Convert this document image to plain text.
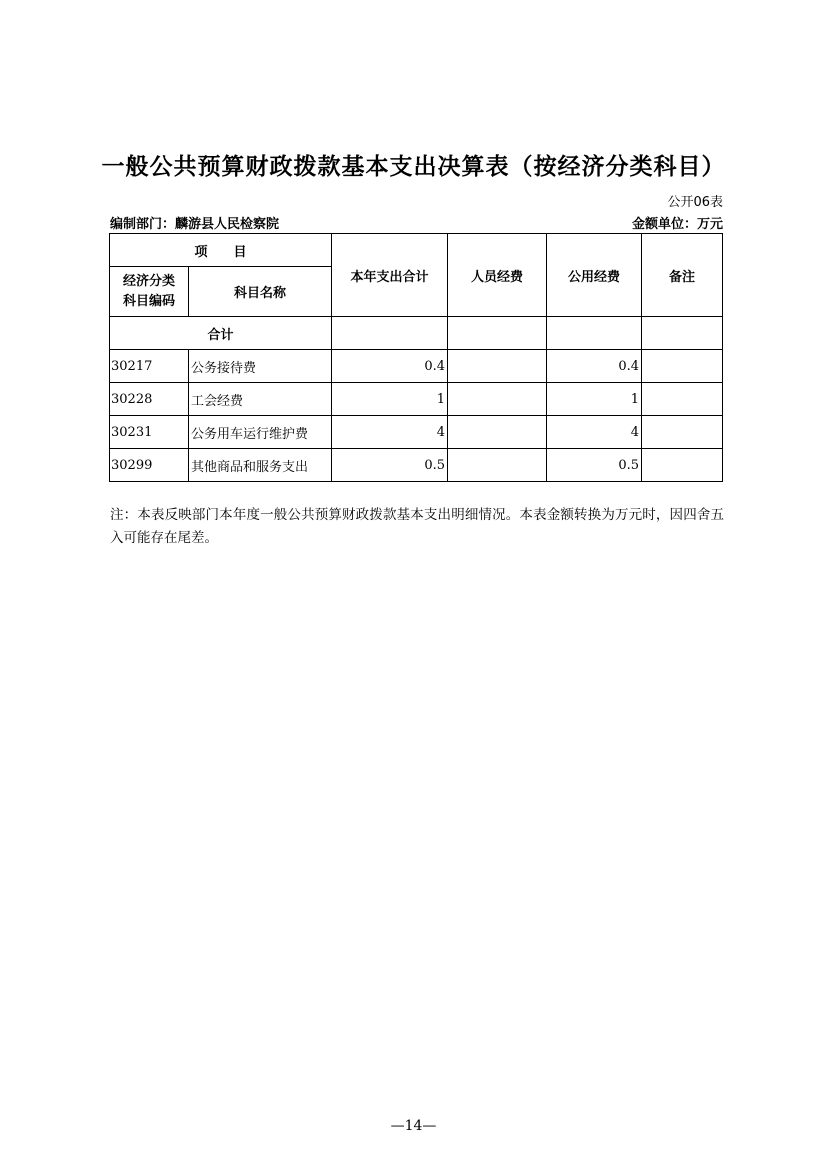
一般公共预算财政拨款基本支出决算表（按经济分类科目）
公开06表
编制部门：麟游县人民检察院	金额单位：万元
项　　目		本年支出合计	人员经费	公用经费	备注
经济分类
科目编码	科目名称				
合计					
30217	公务接待费	0.4		0.4	
30228	工会经费	1		1	
30231	公务用车运行维护费	4		4	
30299	其他商品和服务支出	0.5		0.5	
注：本表反映部门本年度一般公共预算财政拨款基本支出明细情况。本表金额转换为万元时，因四舍五入可能存在尾差。
—14—
